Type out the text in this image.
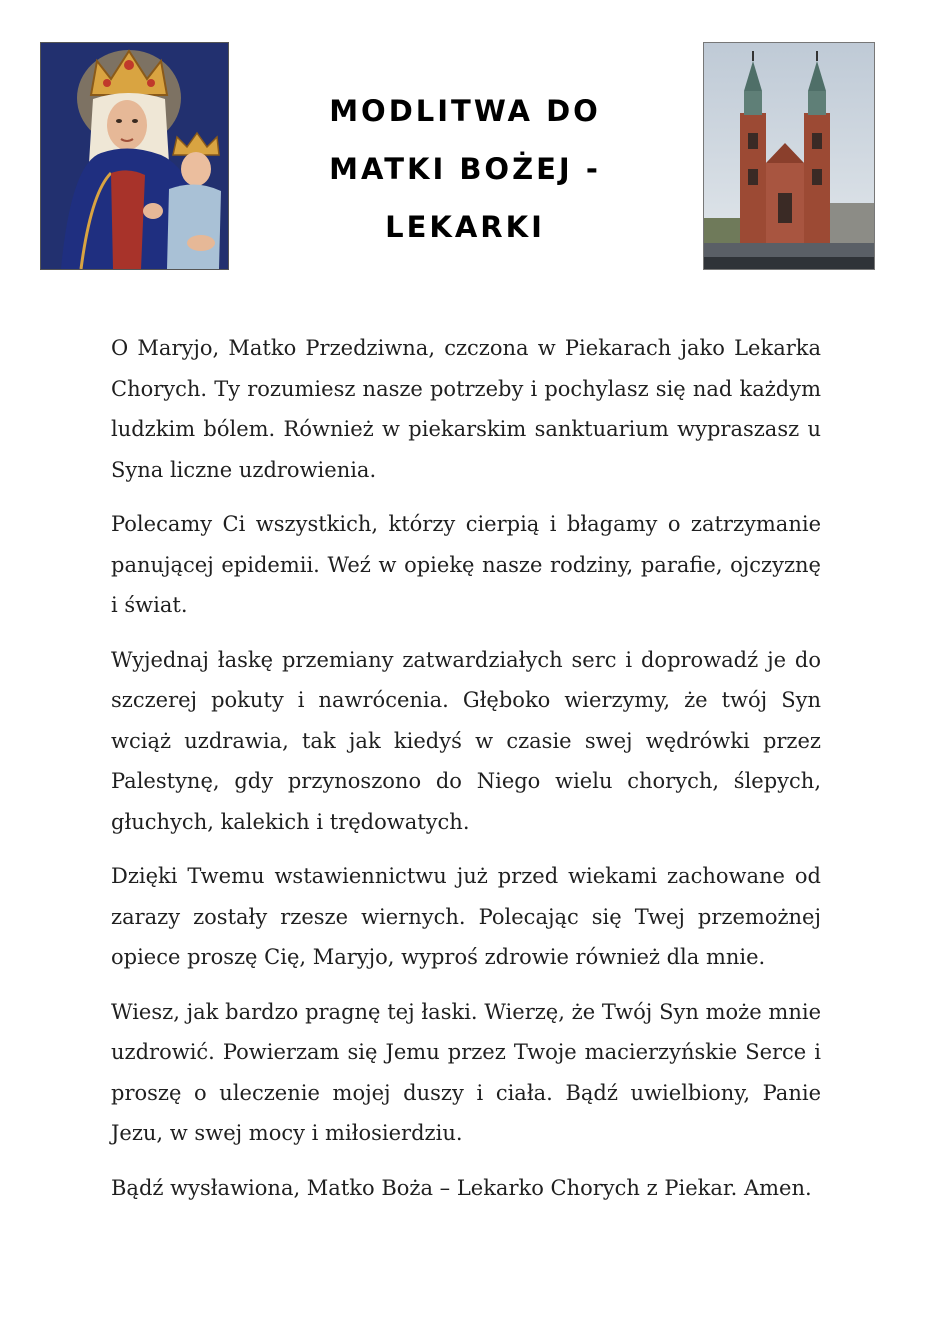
MODLITWA DO
MATKI BOŻEJ -
LEKARKI

O Maryjo, Matko Przedziwna, czczona w Piekarach jako Lekarka Chorych. Ty rozumiesz nasze potrzeby i pochylasz się nad każdym ludzkim bólem. Również w piekarskim sanktuarium wypraszasz u Syna liczne uzdrowienia.

Polecamy Ci wszystkich, którzy cierpią i błagamy o zatrzymanie panującej epidemii. Weź w opiekę nasze rodziny, parafie, ojczyznę i świat.

Wyjednaj łaskę przemiany zatwardziałych serc i doprowadź je do szczerej pokuty i nawrócenia. Głęboko wierzymy, że twój Syn wciąż uzdrawia, tak jak kiedyś w czasie swej wędrówki przez Palestynę, gdy przynoszono do Niego wielu chorych, ślepych, głuchych, kalekich i trędowatych.

Dzięki Twemu wstawiennictwu już przed wiekami zachowane od zarazy zostały rzesze wiernych. Polecając się Twej przemożnej opiece proszę Cię, Maryjo, wyproś zdrowie również dla mnie.

Wiesz, jak bardzo pragnę tej łaski. Wierzę, że Twój Syn może mnie uzdrowić. Powierzam się Jemu przez Twoje macierzyńskie Serce i proszę o uleczenie mojej duszy i ciała. Bądź uwielbiony, Panie Jezu, w swej mocy i miłosierdziu.

Bądź wysławiona, Matko Boża – Lekarko Chorych z Piekar. Amen.
